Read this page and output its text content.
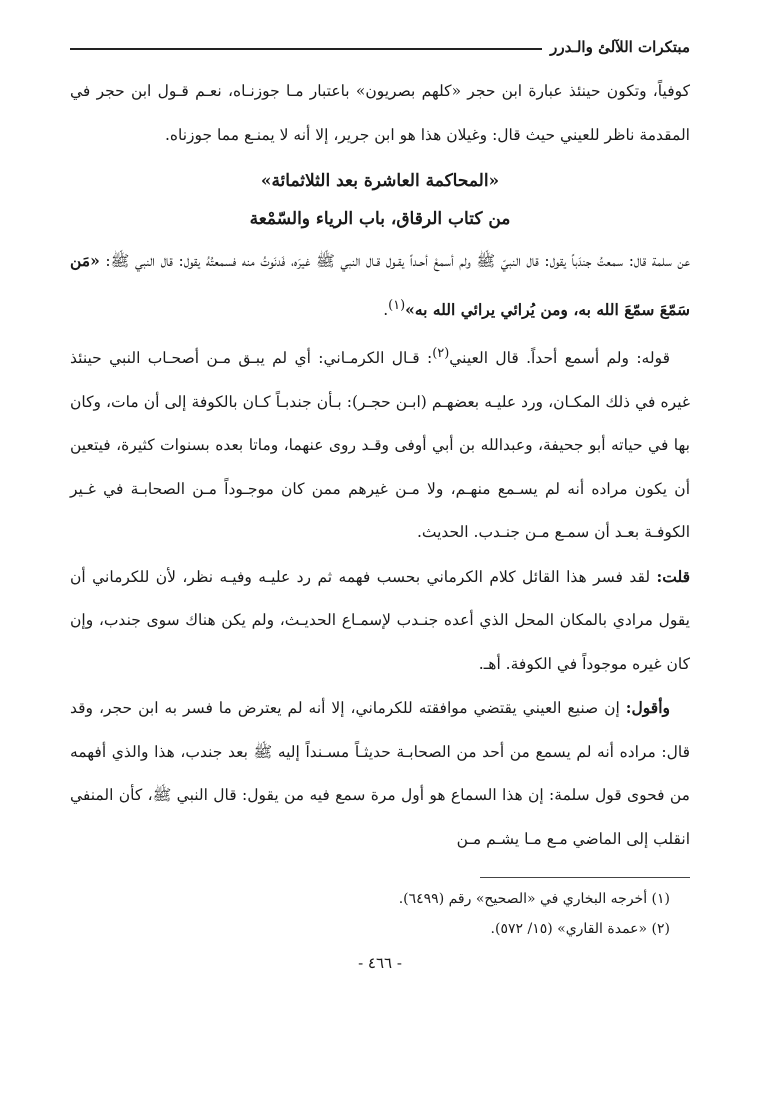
مبتكرات اللآلئ والـدرر

كوفياً، وتكون حينئذ عبارة ابن حجر «كلهم بصريون» باعتبار مـا جوزنـاه، نعـم قـول ابن حجر في المقدمة ناظر للعيني حيث قال: وغيلان هذا هو ابن جرير، إلا أنه لا يمنـع مما جوزناه.

«المحاكمة العاشرة بعد الثلاثمائة»

من كتاب الرقاق، باب الرياء والسّمْعة

عن سلمة قال: سمعتُ جندَباً يقول: قال النبيّ ﷺ ولم أسمعْ أحـداً يقـول قـال النبي ﷺ غيرَه، فَدنَوتُ منه فسمعتُهُ يقول: قال النبي ﷺ: «مَن سَمّعَ سمّعَ الله به، ومن يُرائي يرائي الله به»$^{(١)}$.

قوله: ولم أسمع أحداً. قال العيني$^{(٢)}$: قـال الكرمـاني: أي لم يبـق مـن أصحـاب النبي حينئذ غيره في ذلك المكـان، ورد عليـه بعضهـم (ابـن حجـر): بـأن جندبـاً كـان بالكوفة إلى أن مات، وكان بها في حياته أبو جحيفة، وعبدالله بن أبي أوفى وقـد روى عنهما، وماتا بعده بسنوات كثيرة، فيتعين أن يكون مراده أنه لم يسـمع منهـم، ولا مـن غيرهم ممن كان موجـوداً مـن الصحابـة في غـير الكوفـة بعـد أن سمـع مـن جنـدب. الحديث.

قلت: لقد فسر هذا القائل كلام الكرماني بحسب فهمه ثم رد عليـه وفيـه نظر، لأن للكرماني أن يقول مرادي بالمكان المحل الذي أعده جنـدب لإسمـاع الحديـث، ولم يكن هناك سوى جندب، وإن كان غيره موجوداً في الكوفة. أهـ.

وأقول: إن صنيع العيني يقتضي موافقته للكرماني، إلا أنه لم يعترض ما فسر به ابن حجر، وقد قال: مراده أنه لم يسمع من أحد من الصحابـة حديثـاً مسـنداً إليه ﷺ بعد جندب، هذا والذي أفهمه من فحوى قول سلمة: إن هذا السماع هو أول مرة سمع فيه من يقول: قال النبي ﷺ، كأن المنفي انقلب إلى الماضي مـع مـا يشـم مـن

(١) أخرجه البخاري في «الصحيح» رقم (٦٤٩٩).
(٢) «عمدة القاري» (١٥/ ٥٧٢).
- ٤٦٦ -
